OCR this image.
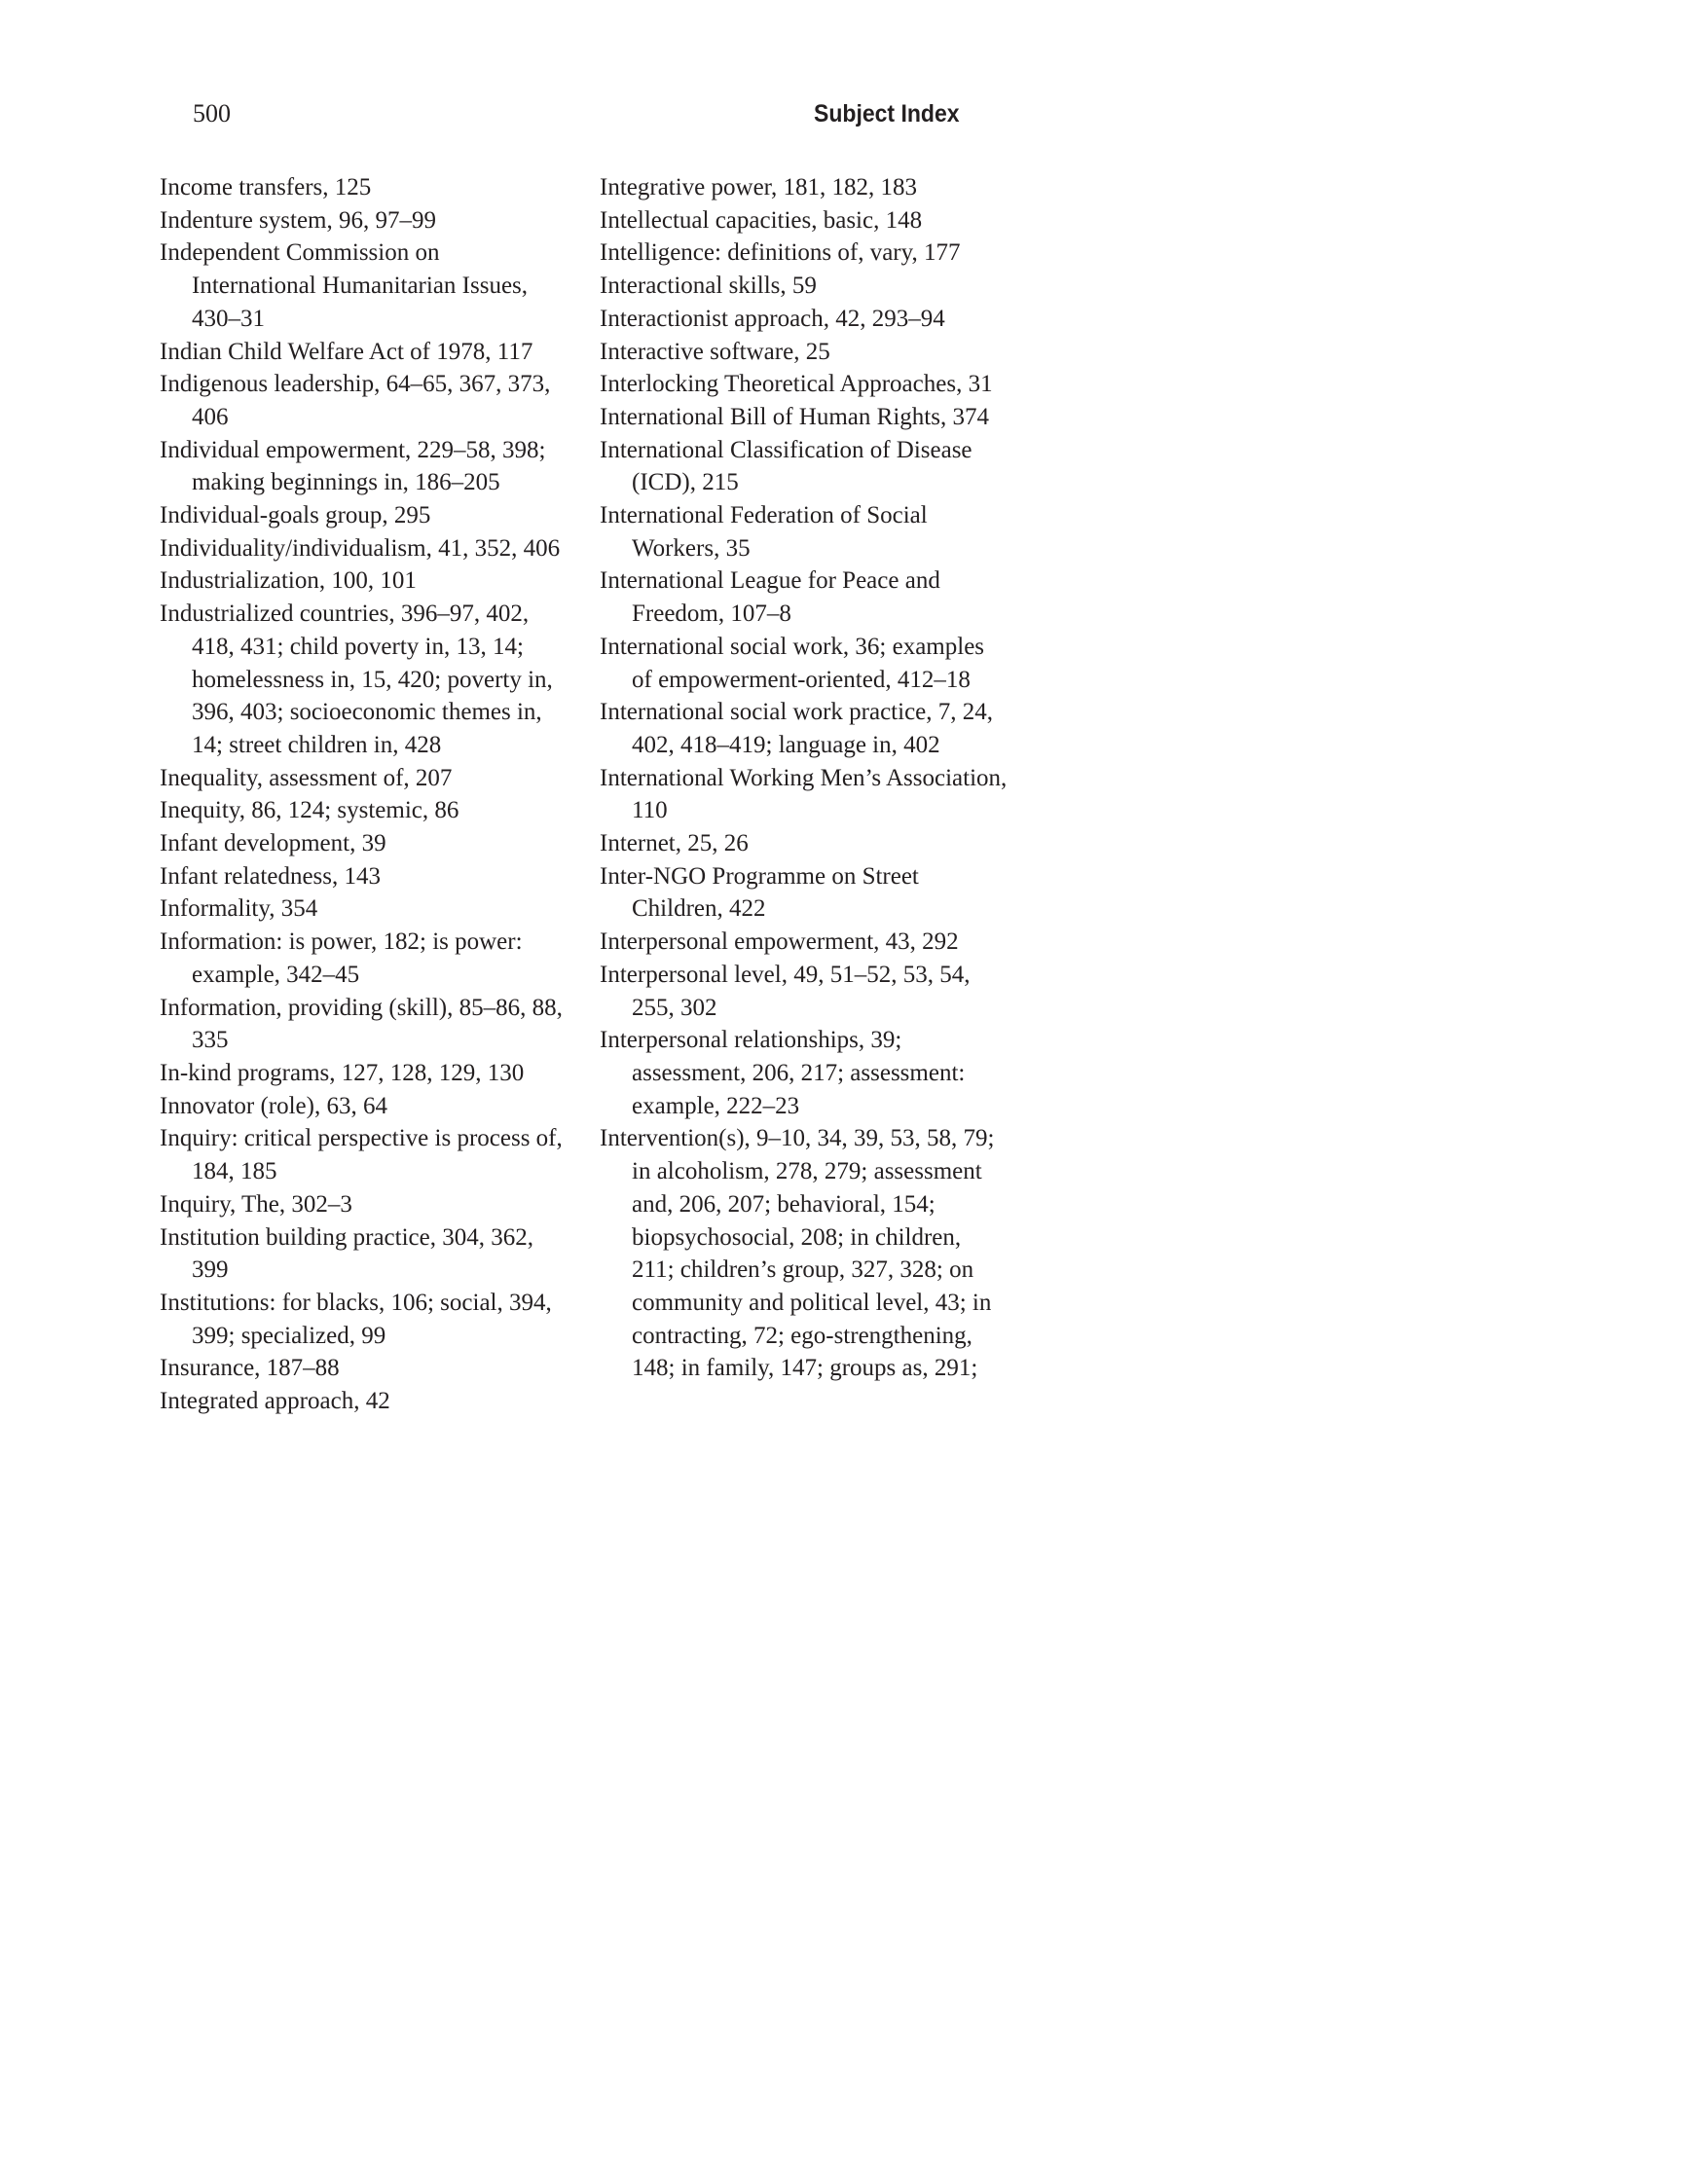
500	Subject Index
Income transfers, 125
Indenture system, 96, 97–99
Independent Commission on International Humanitarian Issues, 430–31
Indian Child Welfare Act of 1978, 117
Indigenous leadership, 64–65, 367, 373, 406
Individual empowerment, 229–58, 398; making beginnings in, 186–205
Individual-goals group, 295
Individuality/individualism, 41, 352, 406
Industrialization, 100, 101
Industrialized countries, 396–97, 402, 418, 431; child poverty in, 13, 14; homelessness in, 15, 420; poverty in, 396, 403; socioeconomic themes in, 14; street children in, 428
Inequality, assessment of, 207
Inequity, 86, 124; systemic, 86
Infant development, 39
Infant relatedness, 143
Informality, 354
Information: is power, 182; is power: example, 342–45
Information, providing (skill), 85–86, 88, 335
In-kind programs, 127, 128, 129, 130
Innovator (role), 63, 64
Inquiry: critical perspective is process of, 184, 185
Inquiry, The, 302–3
Institution building practice, 304, 362, 399
Institutions: for blacks, 106; social, 394, 399; specialized, 99
Insurance, 187–88
Integrated approach, 42
Integrative power, 181, 182, 183
Intellectual capacities, basic, 148
Intelligence: definitions of, vary, 177
Interactional skills, 59
Interactionist approach, 42, 293–94
Interactive software, 25
Interlocking Theoretical Approaches, 31
International Bill of Human Rights, 374
International Classification of Disease (ICD), 215
International Federation of Social Workers, 35
International League for Peace and Freedom, 107–8
International social work, 36; examples of empowerment-oriented, 412–18
International social work practice, 7, 24, 402, 418–419; language in, 402
International Working Men’s Association, 110
Internet, 25, 26
Inter-NGO Programme on Street Children, 422
Interpersonal empowerment, 43, 292
Interpersonal level, 49, 51–52, 53, 54, 255, 302
Interpersonal relationships, 39; assessment, 206, 217; assessment: example, 222–23
Intervention(s), 9–10, 34, 39, 53, 58, 79; in alcoholism, 278, 279; assessment and, 206, 207; behavioral, 154; biopsychosocial, 208; in children, 211; children’s group, 327, 328; on community and political level, 43; in contracting, 72; ego-strengthening, 148; in family, 147; groups as, 291;
